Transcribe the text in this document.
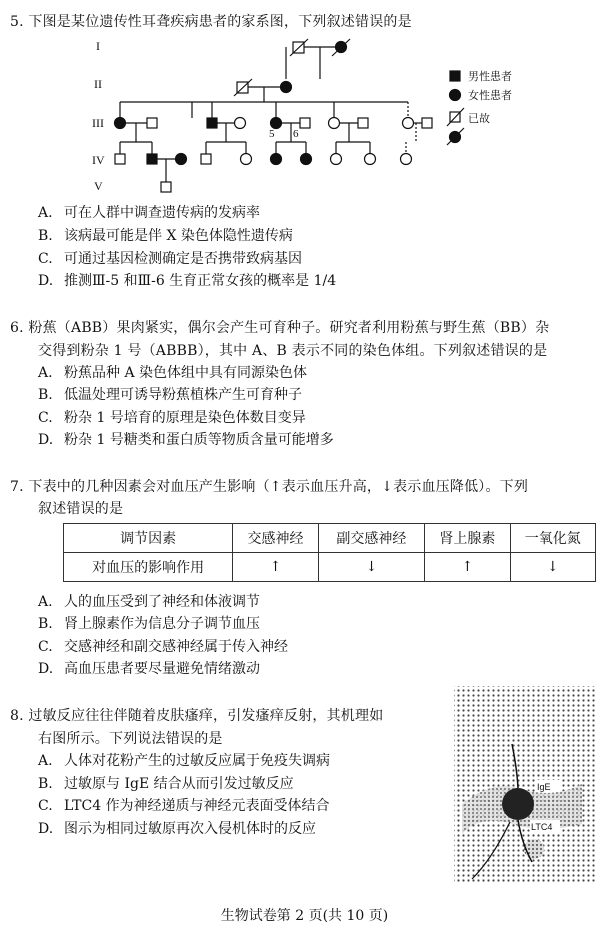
5. 下图是某位遗传性耳聋疾病患者的家系图，下列叙述错误的是
I
II
III
IV
V
5 6
男性患者
女性患者
已故
A. 可在人群中调查遗传病的发病率
B. 该病最可能是伴 X 染色体隐性遗传病
C. 可通过基因检测确定是否携带致病基因
D. 推测Ⅲ-5 和Ⅲ-6 生育正常女孩的概率是 1/4
6. 粉蕉（ABB）果肉紧实，偶尔会产生可育种子。研究者利用粉蕉与野生蕉（BB）杂
交得到粉杂 1 号（ABBB），其中 A、B 表示不同的染色体组。下列叙述错误的是
A. 粉蕉品种 A 染色体组中具有同源染色体
B. 低温处理可诱导粉蕉植株产生可育种子
C. 粉杂 1 号培育的原理是染色体数目变异
D. 粉杂 1 号糖类和蛋白质等物质含量可能增多
7. 下表中的几种因素会对血压产生影响（↑表示血压升高，↓表示血压降低）。下列
叙述错误的是
调节因素	交感神经	副交感神经	肾上腺素	一氧化氮
对血压的影响作用	↑	↓	↑	↓
A. 人的血压受到了神经和体液调节
B. 肾上腺素作为信息分子调节血压
C. 交感神经和副交感神经属于传入神经
D. 高血压患者要尽量避免情绪激动
8. 过敏反应往往伴随着皮肤瘙痒，引发瘙痒反射，其机理如
右图所示。下列说法错误的是
A. 人体对花粉产生的过敏反应属于免疫失调病
B. 过敏原与 IgE 结合从而引发过敏反应
C. LTC4 作为神经递质与神经元表面受体结合
D. 图示为相同过敏原再次入侵机体时的反应
IgE
LTC4
生物试卷第 2 页(共 10 页)
